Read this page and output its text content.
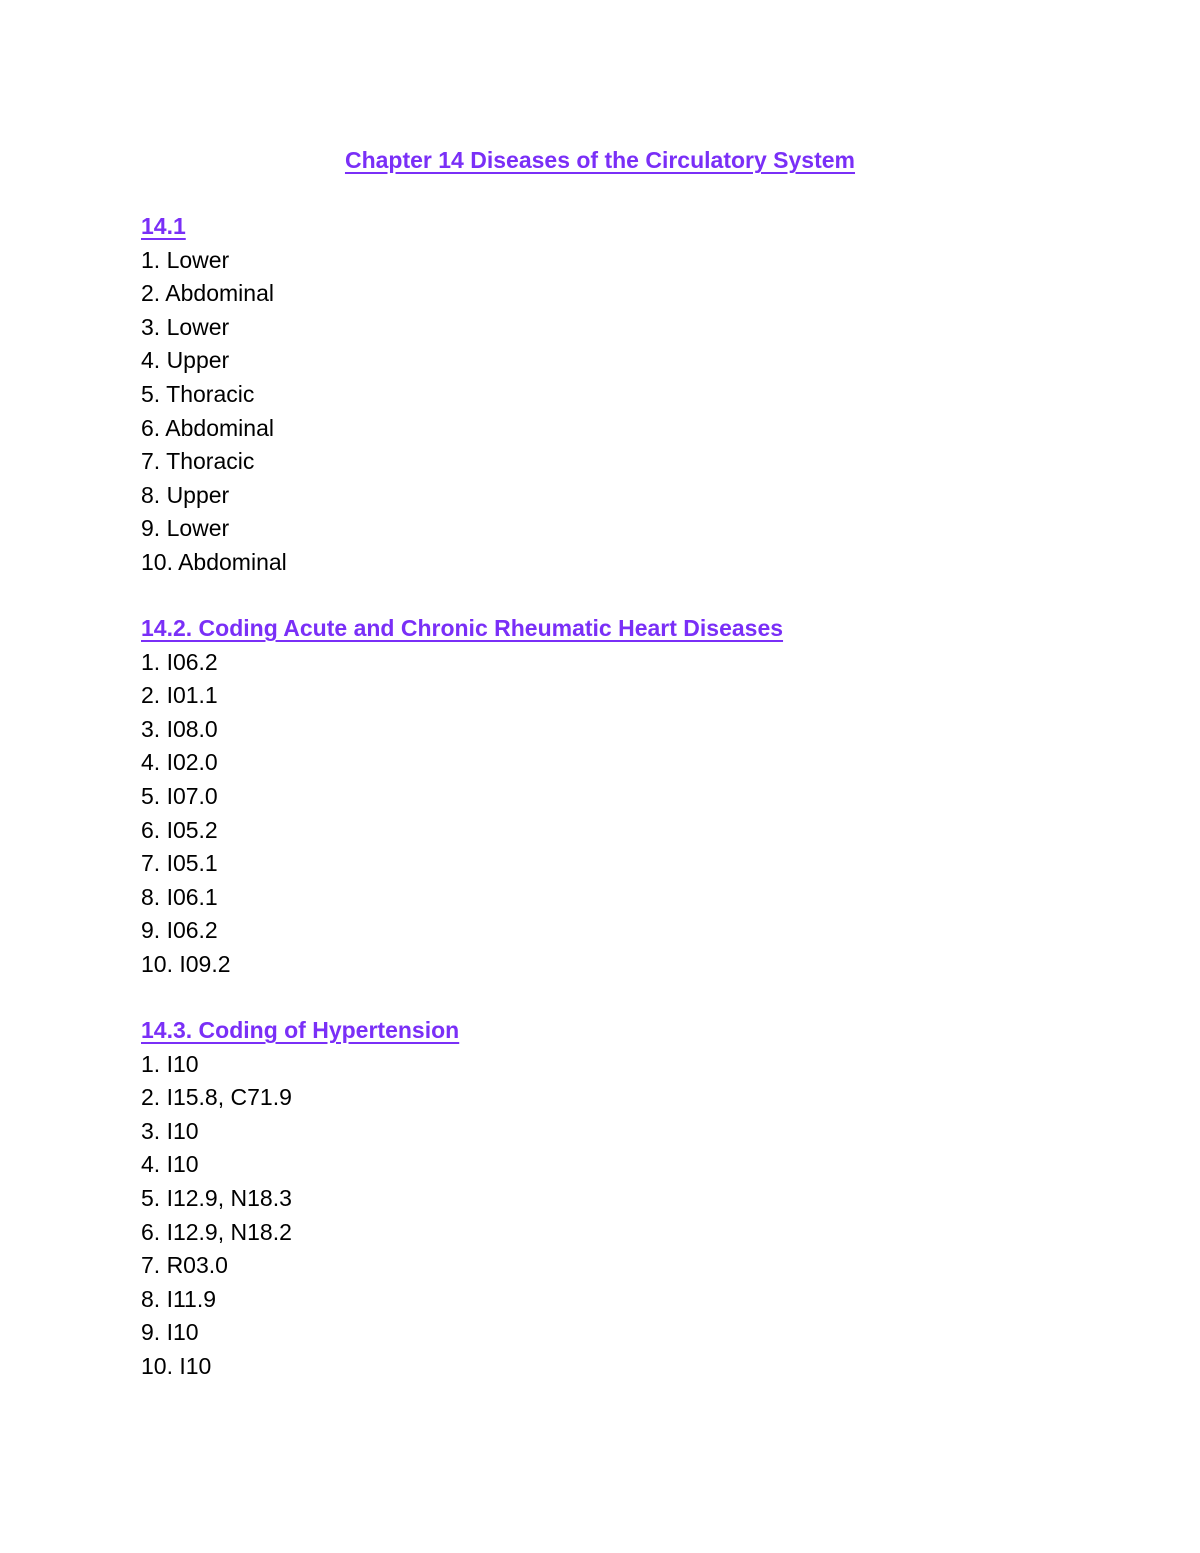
Chapter 14 Diseases of the Circulatory System
14.1
1. Lower
2. Abdominal
3. Lower
4. Upper
5. Thoracic
6. Abdominal
7. Thoracic
8. Upper
9. Lower
10. Abdominal
14.2. Coding Acute and Chronic Rheumatic Heart Diseases
1. I06.2
2. I01.1
3. I08.0
4. I02.0
5. I07.0
6. I05.2
7. I05.1
8. I06.1
9. I06.2
10. I09.2
14.3. Coding of Hypertension
1. I10
2. I15.8, C71.9
3. I10
4. I10
5. I12.9, N18.3
6. I12.9, N18.2
7. R03.0
8. I11.9
9. I10
10. I10
